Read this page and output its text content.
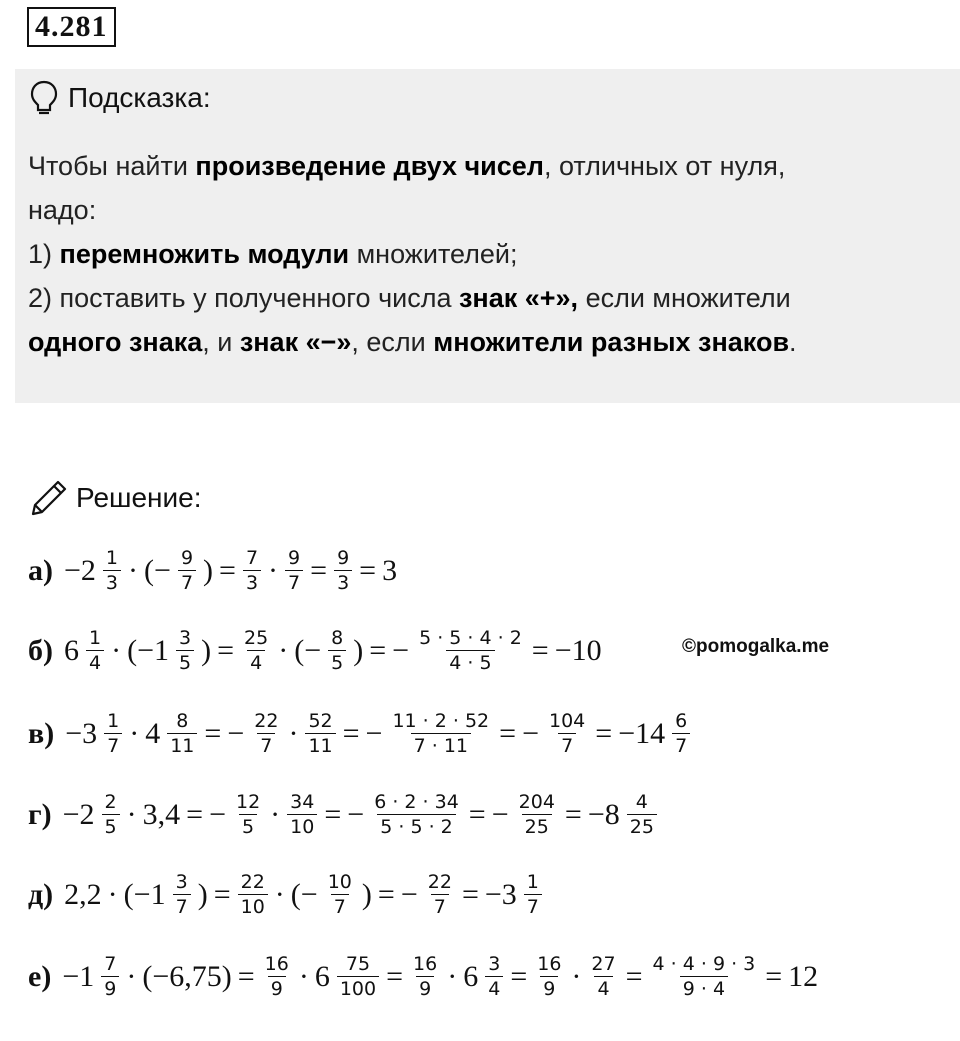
4.281
Подсказка:
Чтобы найти произведение двух чисел, отличных от нуля,
надо:
1) перемножить модули множителей;
2) поставить у полученного числа знак «+», если множители
одного знака, и знак «−», если множители разных знаков.
Решение:
$а) -2 \frac{1}{3}$ · (− $\frac{9}{7}$ ) = $\frac{7}{3} \cdot \frac{9}{7} = \frac{9}{3} = 3$
б) $6 \frac{1}{4} \cdot (-1 \frac{3}{5}$ ) = $\frac{25}{4}$ · (− $\frac{8}{5}$ ) = − $\frac{5 \cdot 5 \cdot 4 \cdot 2}{4 \cdot 5} = -10$
$в) -3 \frac{1}{7} \cdot 4 \frac{8}{11}$ = − $\frac{22}{7} \cdot \frac{52}{11}$ = − $\frac{11 \cdot 2 \cdot 52}{7 \cdot 11}$ = − $\frac{104}{7} = -14 \frac{6}{7}$
$г) -2 \frac{2}{5} \cdot 3,4$ = − $\frac{12}{5} \cdot \frac{34}{10}$ = − $\frac{6 \cdot 2 \cdot 34}{5 \cdot 5 \cdot 2}$ = − $\frac{204}{25} = -8 \frac{4}{25}$
д) $2,2 \cdot (-1 \frac{3}{7}$ ) = $\frac{22}{10}$ · (− $\frac{10}{7}$ ) = − $\frac{22}{7} = -3 \frac{1}{7}$
$е) -1 \frac{7}{9} \cdot (-6,75) = \frac{16}{9} \cdot 6 \frac{75}{100} = \frac{16}{9} \cdot 6 \frac{3}{4} = \frac{16}{9} \cdot \frac{27}{4} = \frac{4 \cdot 4 \cdot 9 \cdot 3}{9 \cdot 4} = 12$
©pomogalka.me
